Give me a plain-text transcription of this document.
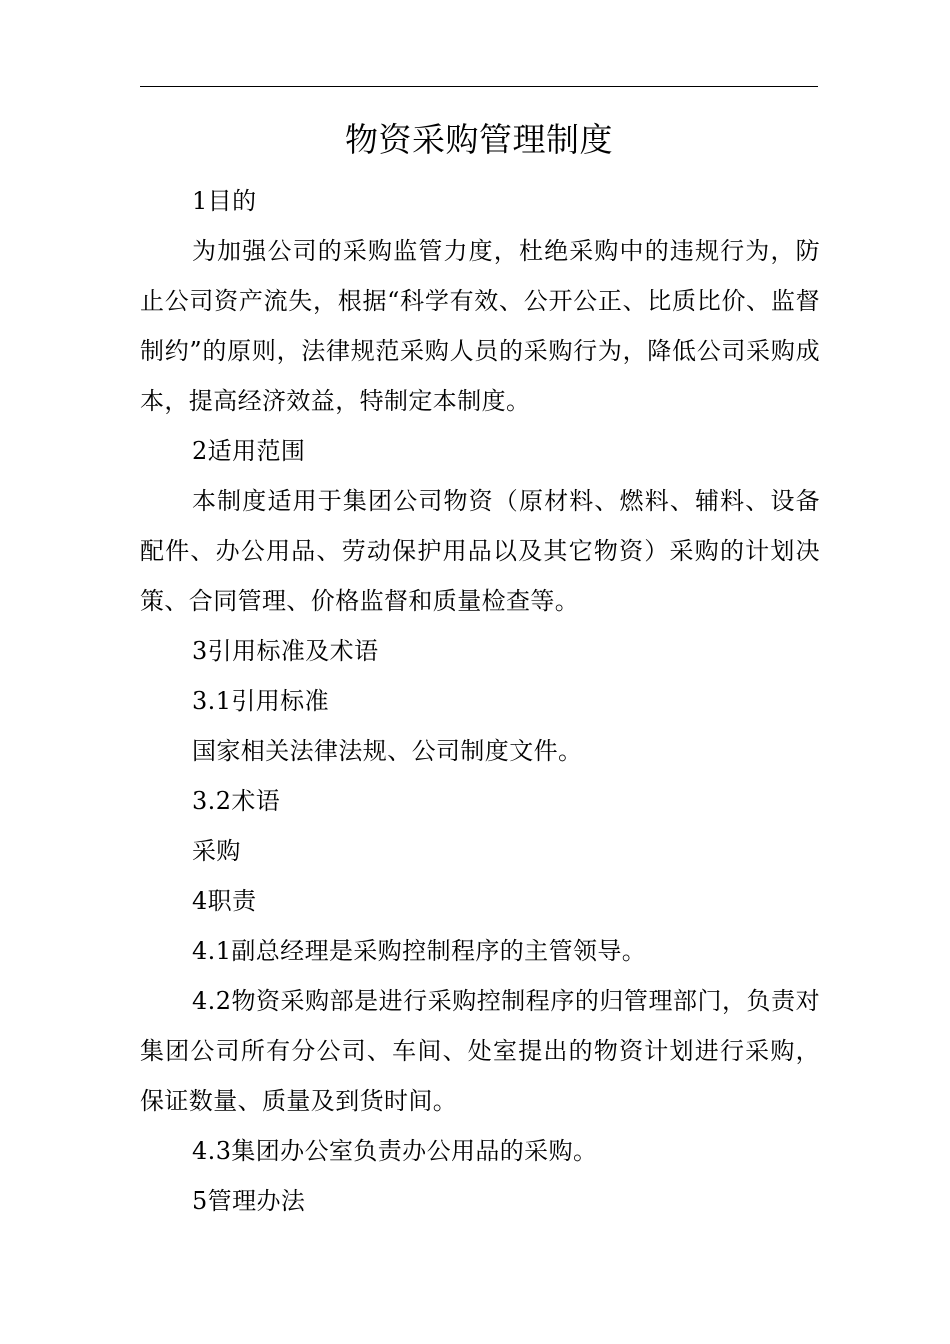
物资采购管理制度

1目的

为加强公司的采购监管力度，杜绝采购中的违规行为，防止公司资产流失，根据“科学有效、公开公正、比质比价、监督制约”的原则，法律规范采购人员的采购行为，降低公司采购成本，提高经济效益，特制定本制度。

2适用范围

本制度适用于集团公司物资（原材料、燃料、辅料、设备配件、办公用品、劳动保护用品以及其它物资）采购的计划决策、合同管理、价格监督和质量检查等。

3引用标准及术语

3.1引用标准

国家相关法律法规、公司制度文件。

3.2术语

采购

4职责

4.1副总经理是采购控制程序的主管领导。

4.2物资采购部是进行采购控制程序的归管理部门，负责对集团公司所有分公司、车间、处室提出的物资计划进行采购，保证数量、质量及到货时间。

4.3集团办公室负责办公用品的采购。

5管理办法
